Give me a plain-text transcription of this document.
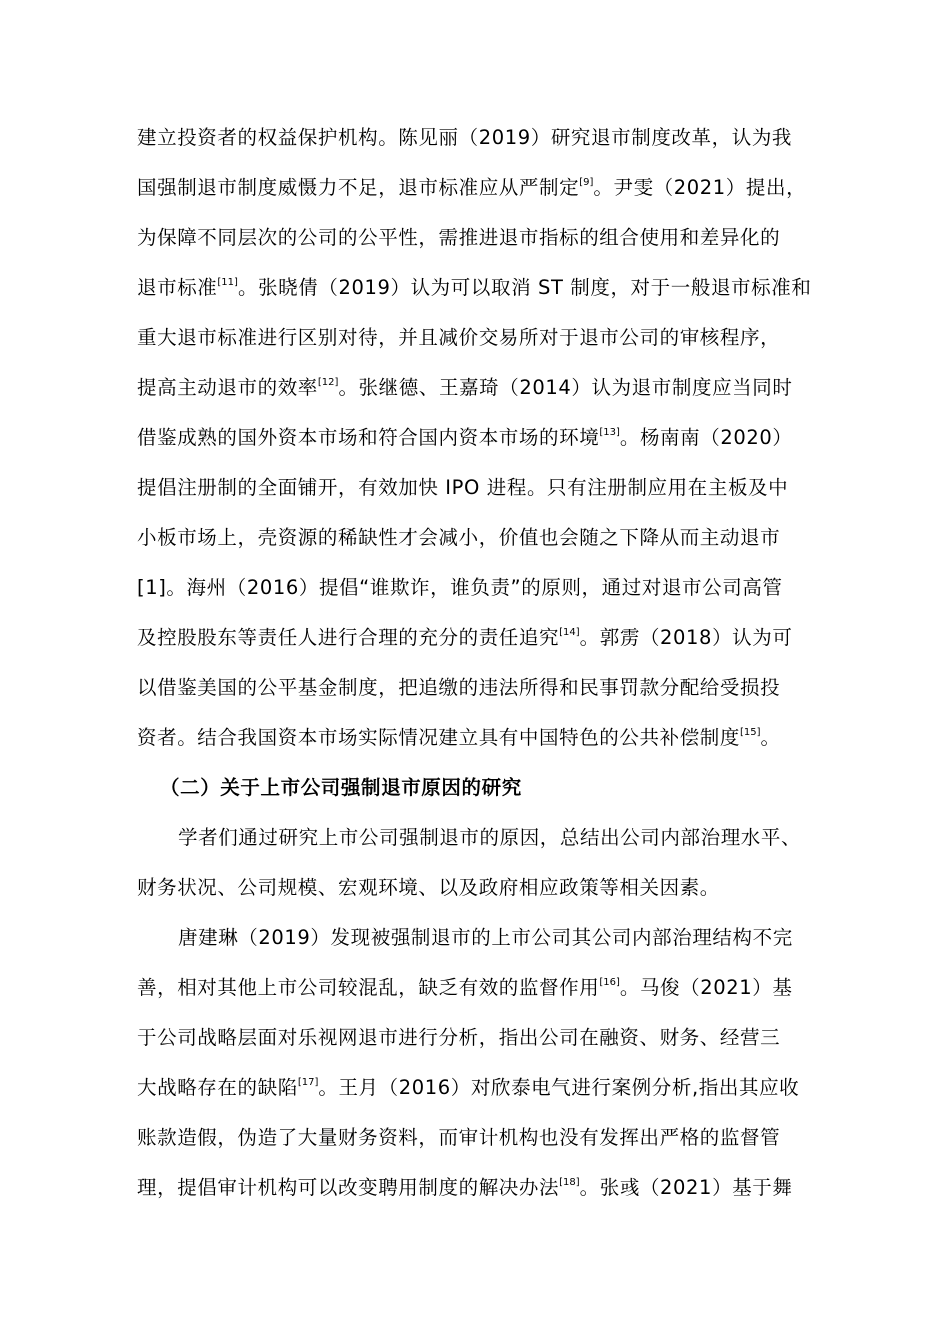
建立投资者的权益保护机构。陈见丽（2019）研究退市制度改革，认为我
国强制退市制度威慑力不足，退市标准应从严制定[9]。尹雯（2021）提出，
为保障不同层次的公司的公平性，需推进退市指标的组合使用和差异化的
退市标准[11]。张晓倩（2019）认为可以取消 ST 制度，对于一般退市标准和
重大退市标准进行区别对待，并且减价交易所对于退市公司的审核程序，
提高主动退市的效率[12]。张继德、王嘉琦（2014）认为退市制度应当同时
借鉴成熟的国外资本市场和符合国内资本市场的环境[13]。杨南南（2020）
提倡注册制的全面铺开，有效加快 IPO 进程。只有注册制应用在主板及中
小板市场上，壳资源的稀缺性才会减小，价值也会随之下降从而主动退市
[1]。海州（2016）提倡“谁欺诈，谁负责”的原则，通过对退市公司高管
及控股股东等责任人进行合理的充分的责任追究[14]。郭雳（2018）认为可
以借鉴美国的公平基金制度，把追缴的违法所得和民事罚款分配给受损投
资者。结合我国资本市场实际情况建立具有中国特色的公共补偿制度[15]。
（二）关于上市公司强制退市原因的研究
学者们通过研究上市公司强制退市的原因，总结出公司内部治理水平、
财务状况、公司规模、宏观环境、以及政府相应政策等相关因素。
唐建琳（2019）发现被强制退市的上市公司其公司内部治理结构不完
善，相对其他上市公司较混乱，缺乏有效的监督作用[16]。马俊（2021）基
于公司战略层面对乐视网退市进行分析，指出公司在融资、财务、经营三
大战略存在的缺陷[17]。王月（2016）对欣泰电气进行案例分析,指出其应收
账款造假，伪造了大量财务资料，而审计机构也没有发挥出严格的监督管
理，提倡审计机构可以改变聘用制度的解决办法[18]。张彧（2021）基于舞
